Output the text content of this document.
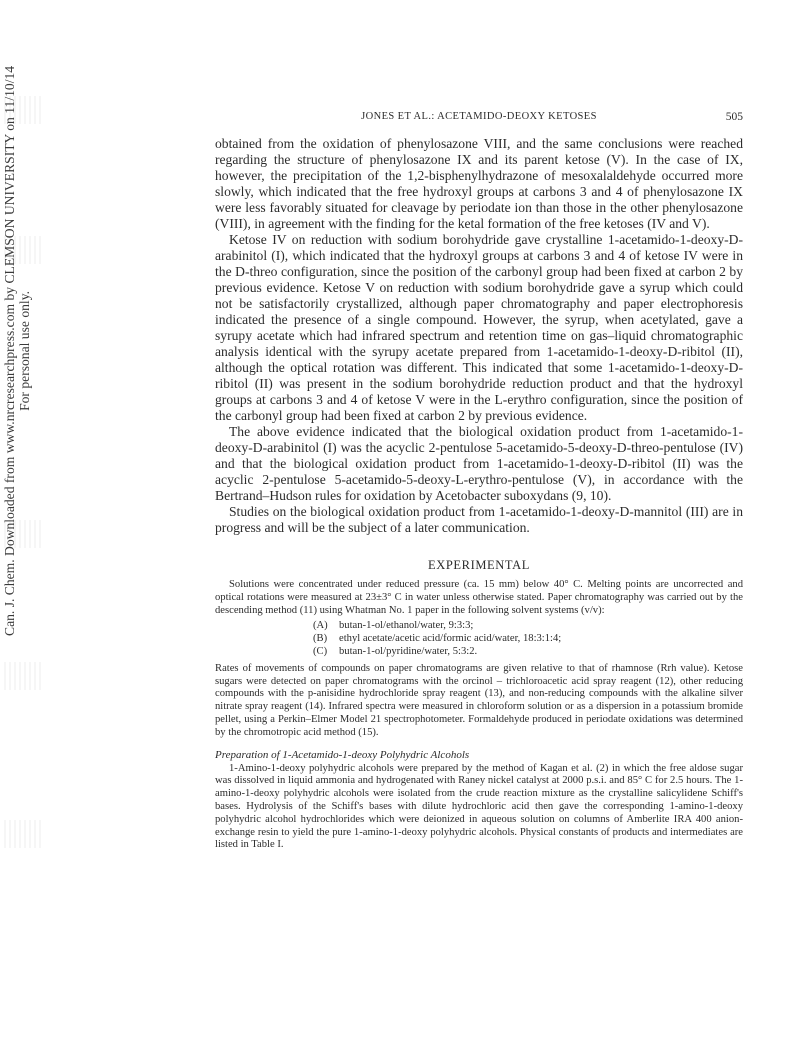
Can. J. Chem. Downloaded from www.nrcresearchpress.com by CLEMSON UNIVERSITY on 11/10/14 For personal use only.
JONES ET AL.: ACETAMIDO-DEOXY KETOSES	505

obtained from the oxidation of phenylosazone VIII, and the same conclusions were reached regarding the structure of phenylosazone IX and its parent ketose (V). In the case of IX, however, the precipitation of the 1,2-bisphenylhydrazone of mesoxalaldehyde occurred more slowly, which indicated that the free hydroxyl groups at carbons 3 and 4 of phenylosazone IX were less favorably situated for cleavage by periodate ion than those in the other phenylosazone (VIII), in agreement with the finding for the ketal formation of the free ketoses (IV and V).

Ketose IV on reduction with sodium borohydride gave crystalline 1-acetamido-1-deoxy-D-arabinitol (I), which indicated that the hydroxyl groups at carbons 3 and 4 of ketose IV were in the D-threo configuration, since the position of the carbonyl group had been fixed at carbon 2 by previous evidence. Ketose V on reduction with sodium borohydride gave a syrup which could not be satisfactorily crystallized, although paper chromatography and paper electrophoresis indicated the presence of a single compound. However, the syrup, when acetylated, gave a syrupy acetate which had infrared spectrum and retention time on gas–liquid chromatographic analysis identical with the syrupy acetate prepared from 1-acetamido-1-deoxy-D-ribitol (II), although the optical rotation was different. This indicated that some 1-acetamido-1-deoxy-D-ribitol (II) was present in the sodium borohydride reduction product and that the hydroxyl groups at carbons 3 and 4 of ketose V were in the L-erythro configuration, since the position of the carbonyl group had been fixed at carbon 2 by previous evidence.

The above evidence indicated that the biological oxidation product from 1-acetamido-1-deoxy-D-arabinitol (I) was the acyclic 2-pentulose 5-acetamido-5-deoxy-D-threo-pentulose (IV) and that the biological oxidation product from 1-acetamido-1-deoxy-D-ribitol (II) was the acyclic 2-pentulose 5-acetamido-5-deoxy-L-erythro-pentulose (V), in accordance with the Bertrand–Hudson rules for oxidation by Acetobacter suboxydans (9, 10).

Studies on the biological oxidation product from 1-acetamido-1-deoxy-D-mannitol (III) are in progress and will be the subject of a later communication.

EXPERIMENTAL

Solutions were concentrated under reduced pressure (ca. 15 mm) below 40° C. Melting points are uncorrected and optical rotations were measured at 23±3° C in water unless otherwise stated. Paper chromatography was carried out by the descending method (11) using Whatman No. 1 paper in the following solvent systems (v/v):

(A) butan-1-ol/ethanol/water, 9:3:3;
(B) ethyl acetate/acetic acid/formic acid/water, 18:3:1:4;
(C) butan-1-ol/pyridine/water, 5:3:2.

Rates of movements of compounds on paper chromatograms are given relative to that of rhamnose (Rrh value). Ketose sugars were detected on paper chromatograms with the orcinol – trichloroacetic acid spray reagent (12), other reducing compounds with the p-anisidine hydrochloride spray reagent (13), and non-reducing compounds with the alkaline silver nitrate spray reagent (14). Infrared spectra were measured in chloroform solution or as a dispersion in a potassium bromide pellet, using a Perkin–Elmer Model 21 spectrophotometer. Formaldehyde produced in periodate oxidations was determined by the chromotropic acid method (15).

Preparation of 1-Acetamido-1-deoxy Polyhydric Alcohols

1-Amino-1-deoxy polyhydric alcohols were prepared by the method of Kagan et al. (2) in which the free aldose sugar was dissolved in liquid ammonia and hydrogenated with Raney nickel catalyst at 2000 p.s.i. and 85° C for 2.5 hours. The 1-amino-1-deoxy polyhydric alcohols were isolated from the crude reaction mixture as the crystalline salicylidene Schiff's bases. Hydrolysis of the Schiff's bases with dilute hydrochloric acid then gave the corresponding 1-amino-1-deoxy polyhydric alcohol hydrochlorides which were deionized in aqueous solution on columns of Amberlite IRA 400 anion-exchange resin to yield the pure 1-amino-1-deoxy polyhydric alcohols. Physical constants of products and intermediates are listed in Table I.
